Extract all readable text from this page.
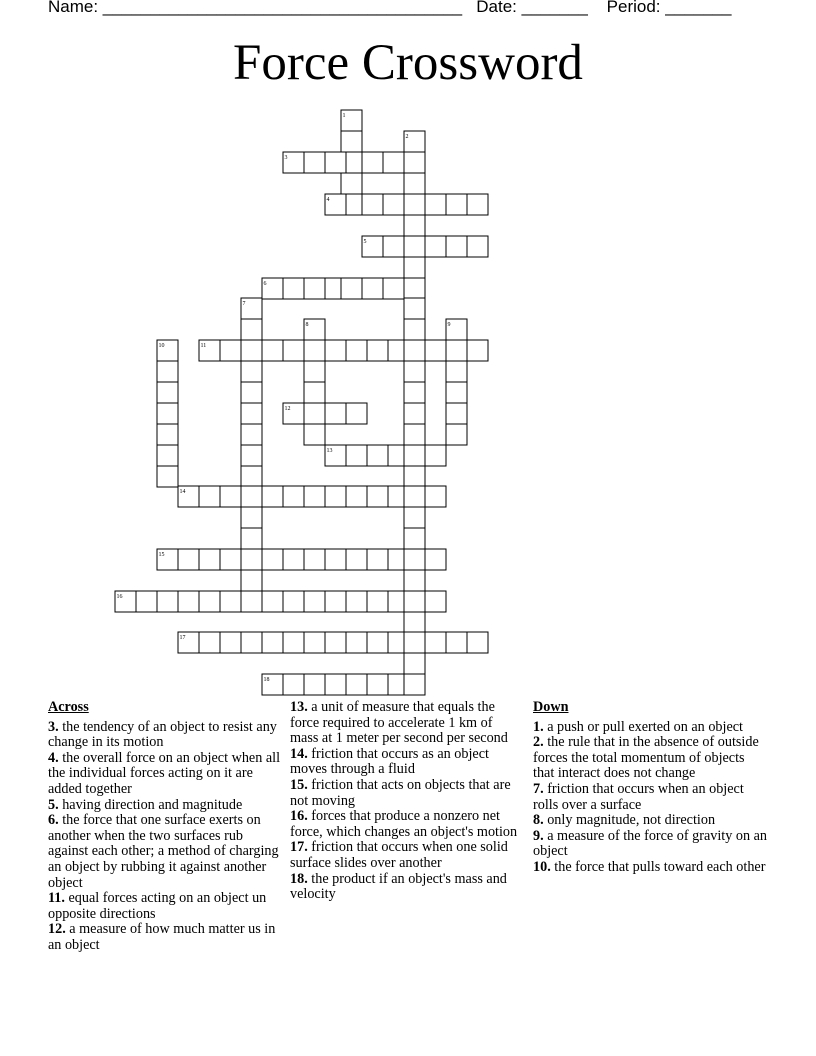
Name: ______________________________________   Date: _______    Period: _______
Force Crossword
1
2
3
4
5
6
7
8	9
10	11
12
13
14
15
16
17
18
Across

3. the tendency of an object to resist any change in its motion

4. the overall force on an object when all the individual forces acting on it are added together

5. having direction and magnitude

6. the force that one surface exerts on another when the two surfaces rub against each other; a method of charging an object by rubbing it against another object

11. equal forces acting on an object un opposite directions

12. a measure of how much matter us in an object

13. a unit of measure that equals the force required to accelerate 1 km of mass at 1 meter per second per second

14. friction that occurs as an object moves through a fluid

15. friction that acts on objects that are not moving

16. forces that produce a nonzero net force, which changes an object's motion

17. friction that occurs when one solid surface slides over another

18. the product if an object's mass and velocity

Down

1. a push or pull exerted on an object

2. the rule that in the absence of outside forces the total momentum of objects that interact does not change

7. friction that occurs when an object rolls over a surface

8. only magnitude, not direction

9. a measure of the force of gravity on an object

10. the force that pulls toward each other
